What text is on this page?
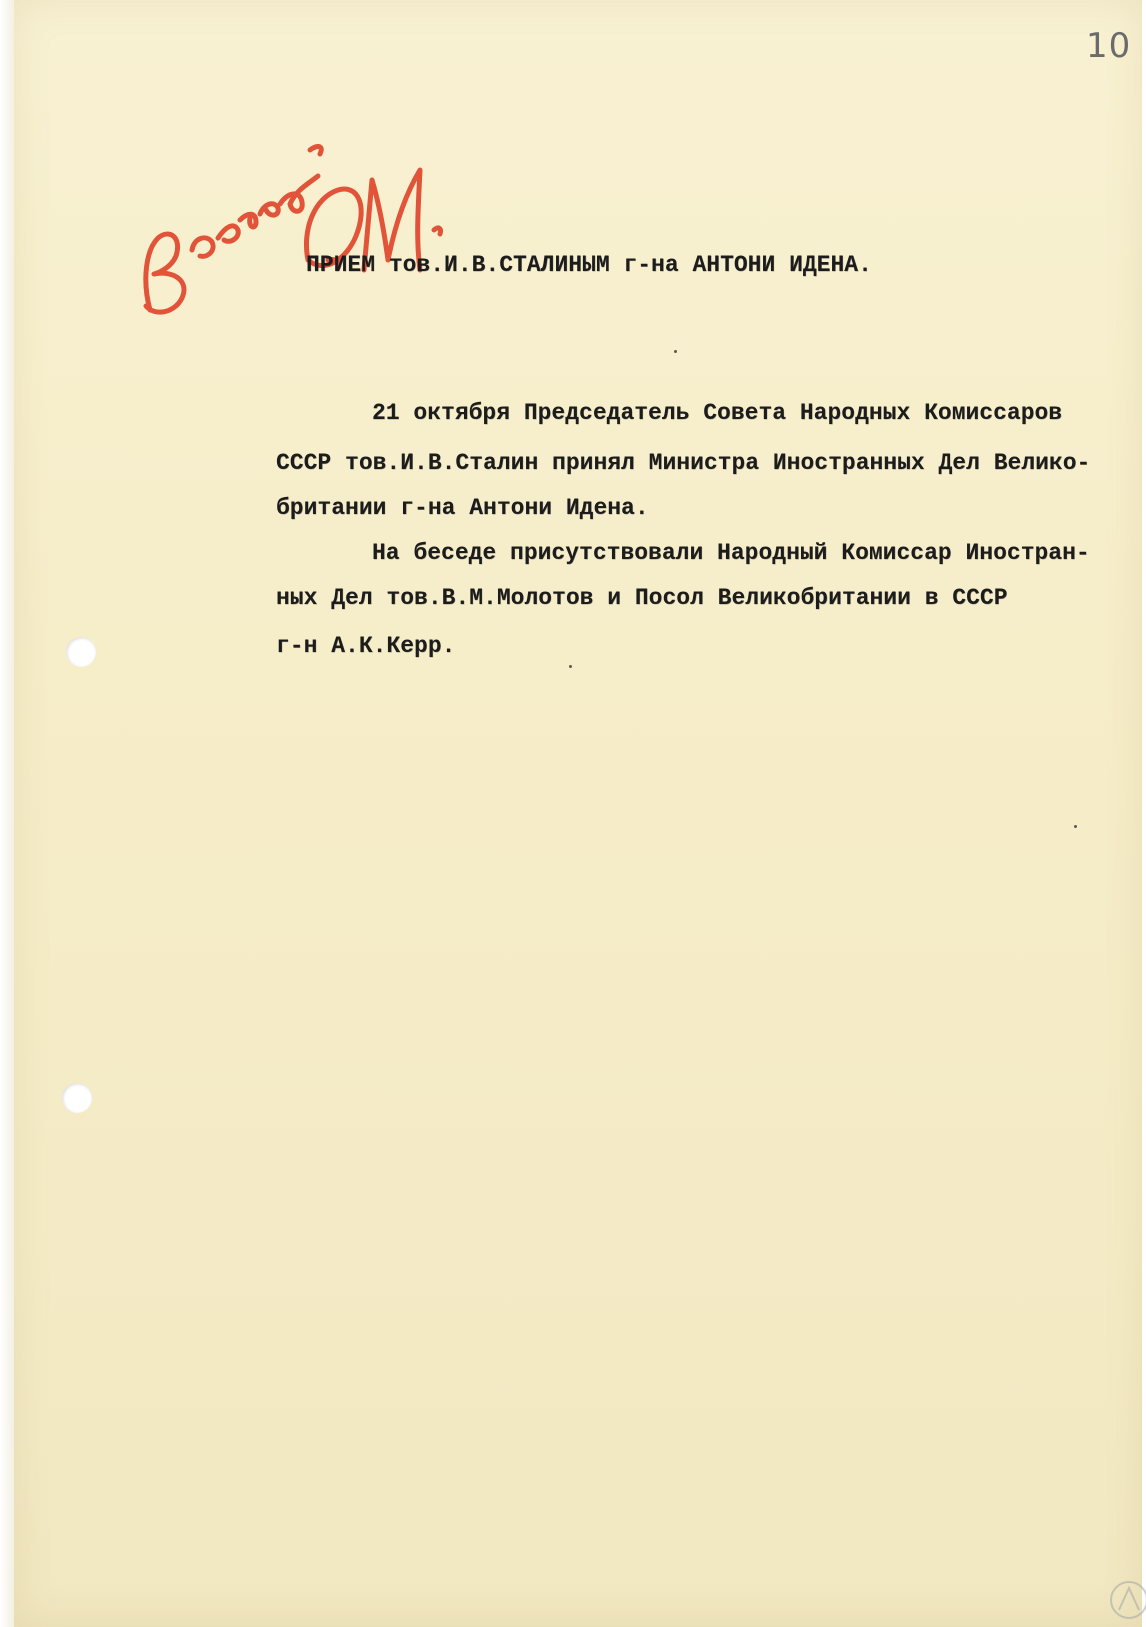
10
ПРИЕМ тов.И.В.СТАЛИНЫМ г-на АНТОНИ ИДЕНА.
21 октября Председатель Совета Народных Комиссаров
СССР тов.И.В.Сталин принял Министра Иностранных Дел Велико-
британии г-на Антони Идена.
На беседе присутствовали Народный Комиссар Иностран-
ных Дел тов.В.М.Молотов и Посол Великобритании в СССР
г-н А.К.Керр.
